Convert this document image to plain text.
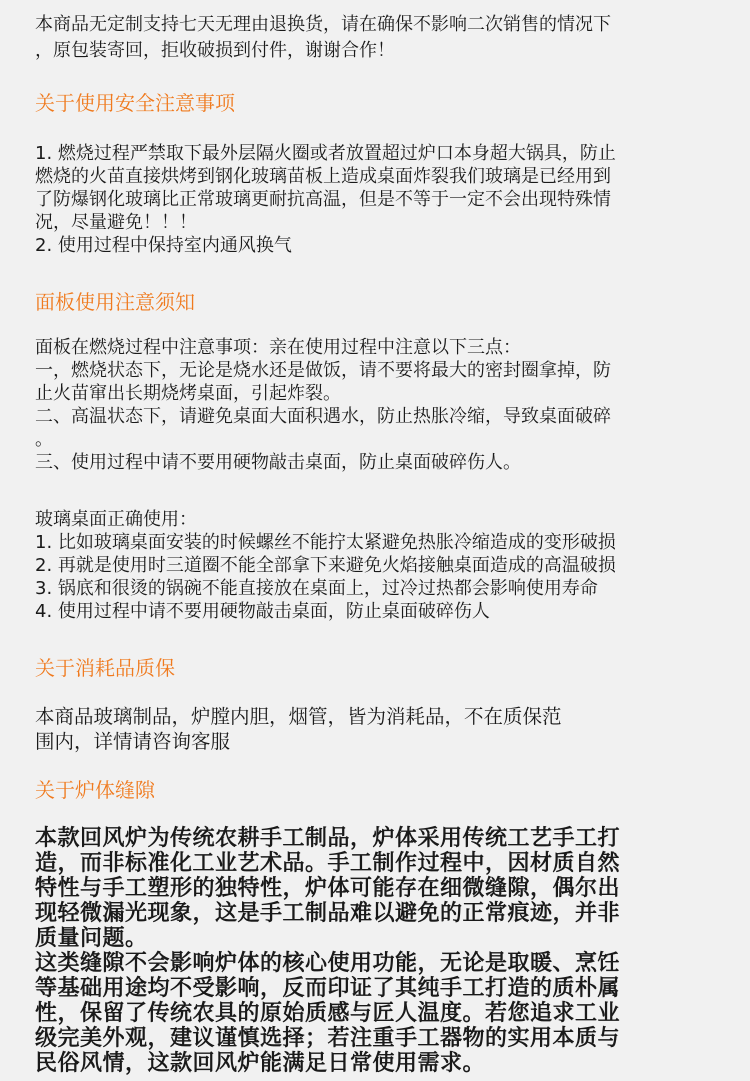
本商品无定制支持七天无理由退换货，请在确保不影响二次销售的情况下
，原包装寄回，拒收破损到付件，谢谢合作！
关于使用安全注意事项
1. 燃烧过程严禁取下最外层隔火圈或者放置超过炉口本身超大锅具，防止
燃烧的火苗直接烘烤到钢化玻璃苗板上造成桌面炸裂我们玻璃是已经用到
了防爆钢化玻璃比正常玻璃更耐抗高温，但是不等于一定不会出现特殊情
况，尽量避免！！！
2. 使用过程中保持室内通风换气
面板使用注意须知
面板在燃烧过程中注意事项：亲在使用过程中注意以下三点：
一，燃烧状态下，无论是烧水还是做饭，请不要将最大的密封圈拿掉，防
止火苗窜出长期烧烤桌面，引起炸裂。
二、高温状态下，请避免桌面大面积遇水，防止热胀冷缩，导致桌面破碎
。
三、使用过程中请不要用硬物敲击桌面，防止桌面破碎伤人。
玻璃桌面正确使用：
1. 比如玻璃桌面安装的时候螺丝不能拧太紧避免热胀冷缩造成的变形破损
2. 再就是使用时三道圈不能全部拿下来避免火焰接触桌面造成的高温破损
3. 锅底和很烫的锅碗不能直接放在桌面上，过冷过热都会影响使用寿命
4. 使用过程中请不要用硬物敲击桌面，防止桌面破碎伤人
关于消耗品质保
本商品玻璃制品，炉膛内胆，烟管，皆为消耗品，不在质保范
围内，详情请咨询客服
关于炉体缝隙
本款回风炉为传统农耕手工制品，炉体采用传统工艺手工打
造，而非标准化工业艺术品。手工制作过程中，因材质自然
特性与手工塑形的独特性，炉体可能存在细微缝隙，偶尔出
现轻微漏光现象，这是手工制品难以避免的正常痕迹，并非
质量问题。
这类缝隙不会影响炉体的核心使用功能，无论是取暖、烹饪
等基础用途均不受影响，反而印证了其纯手工打造的质朴属
性，保留了传统农具的原始质感与匠人温度。若您追求工业
级完美外观，建议谨慎选择；若注重手工器物的实用本质与
民俗风情，这款回风炉能满足日常使用需求。
